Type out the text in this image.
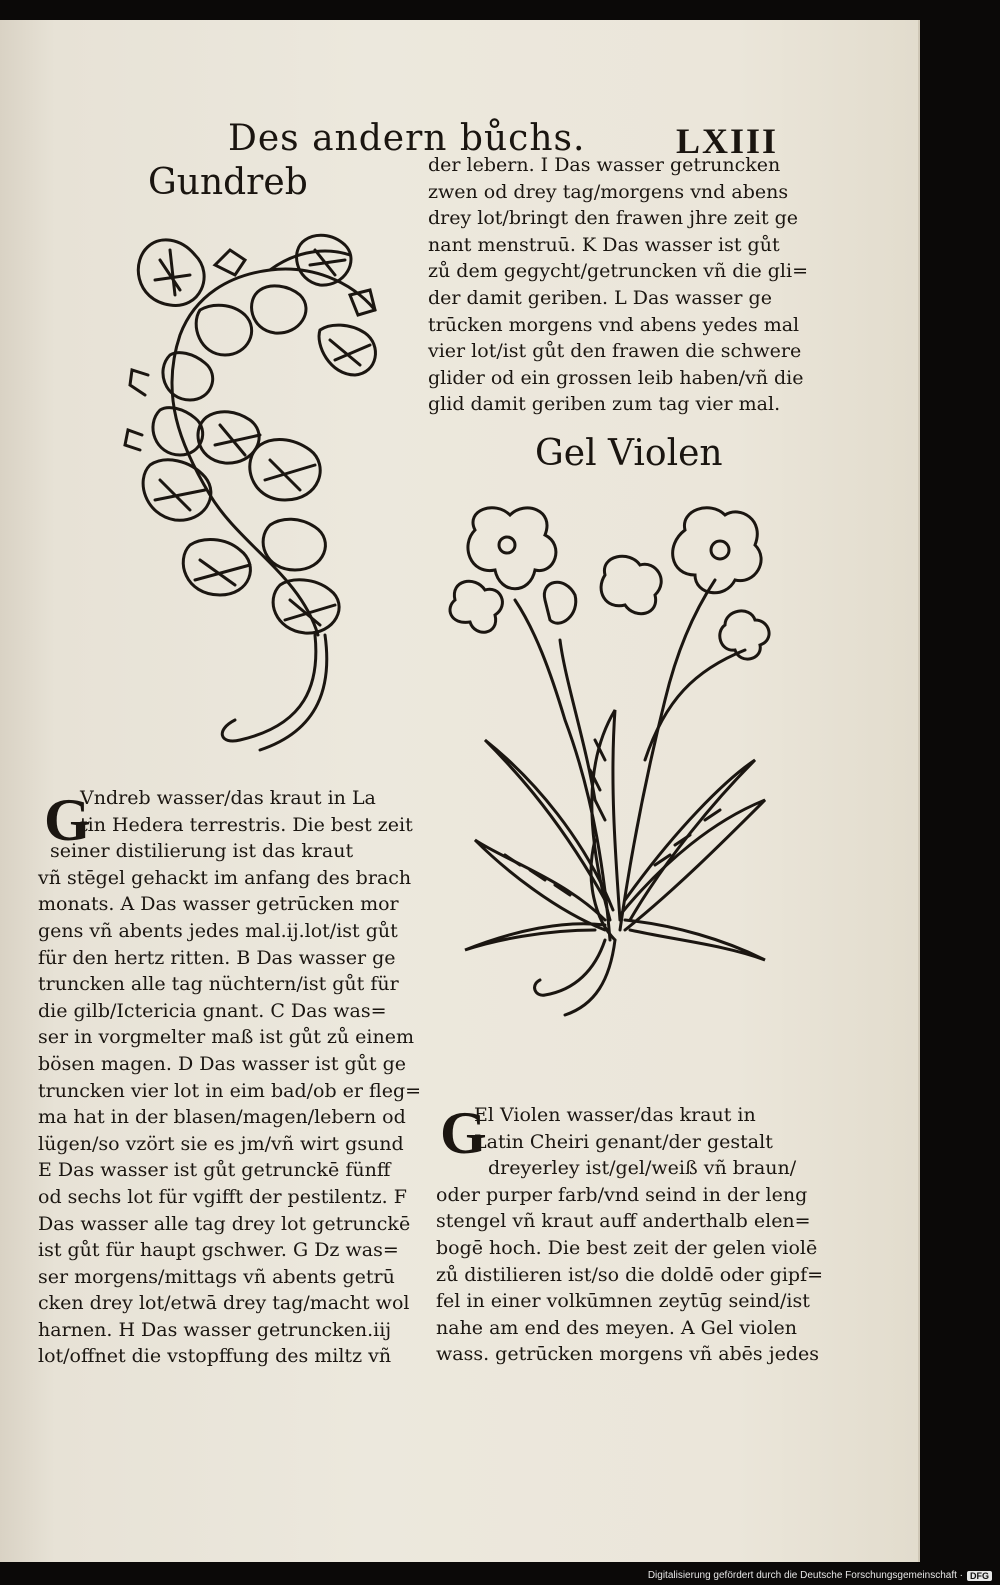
Des andern bůchs.	LXIII
Gundreb
G
Vndreb wasser/das kraut in La
tin Hedera terrestris. Die best zeit
seiner distilierung ist das kraut
vñ stēgel gehackt im anfang des brach
monats. A Das wasser getrūcken mor
gens vñ abents jedes mal.ij.lot/ist gůt
für den hertz ritten. B Das wasser ge
truncken alle tag nüchtern/ist gůt für
die gilb/Ictericia gnant. C Das was=
ser in vorgmelter maß ist gůt zů einem
bösen magen. D Das wasser ist gůt ge
truncken vier lot in eim bad/ob er fleg=
ma hat in der blasen/magen/lebern od
lügen/so vzört sie es jm/vñ wirt gsund
E Das wasser ist gůt getrunckē fünff
od sechs lot für vgifft der pestilentz. F
Das wasser alle tag drey lot getrunckē
ist gůt für haupt gschwer. G Dz was=
ser morgens/mittags vñ abents getrū
cken drey lot/etwā drey tag/macht wol
harnen. H Das wasser getruncken.iij
lot/offnet die vstopffung des miltz vñ
der lebern. I Das wasser getruncken
zwen od drey tag/morgens vnd abens
drey lot/bringt den frawen jhre zeit ge
nant menstruū. K Das wasser ist gůt
zů dem gegycht/getruncken vñ die gli=
der damit geriben. L Das wasser ge
trūcken morgens vnd abens yedes mal
vier lot/ist gůt den frawen die schwere
glider od ein grossen leib haben/vñ die
glid damit geriben zum tag vier mal.
Gel Violen
G
El Violen wasser/das kraut in
Latin Cheiri genant/der gestalt
dreyerley ist/gel/weiß vñ braun/
oder purper farb/vnd seind in der leng
stengel vñ kraut auff anderthalb elen=
bogē hoch. Die best zeit der gelen violē
zů distilieren ist/so die doldē oder gipf=
fel in einer volkūmnen zeytūg seind/ist
nahe am end des meyen. A Gel violen
wass. getrūcken morgens vñ abēs jedes
Digitalisierung gefördert durch die Deutsche Forschungsgemeinschaft · DFG
